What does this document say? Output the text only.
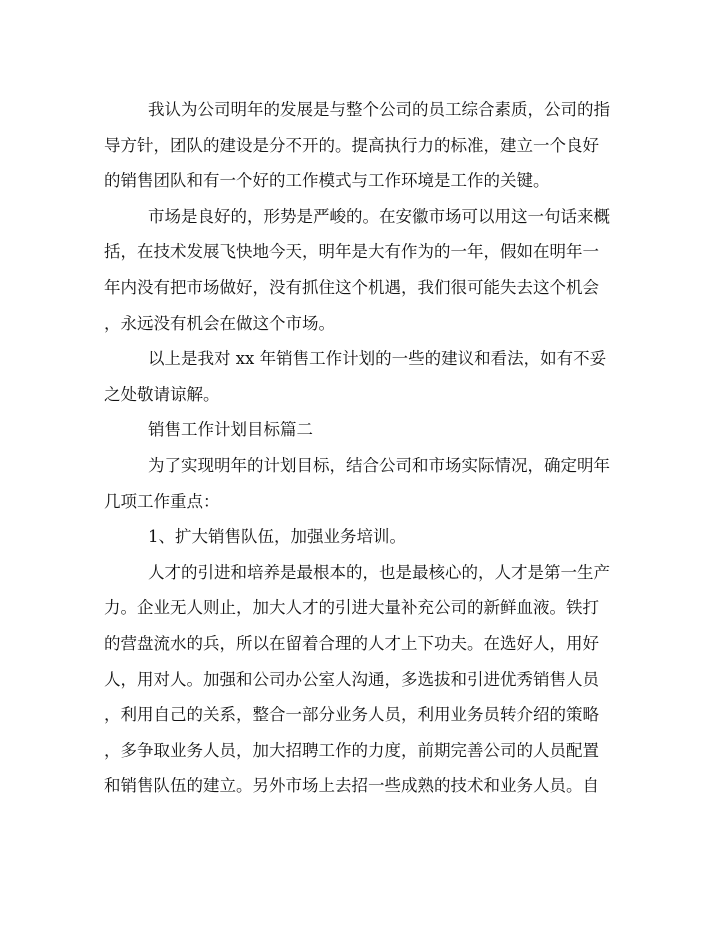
我认为公司明年的发展是与整个公司的员工综合素质，公司的指
导方针，团队的建设是分不开的。提高执行力的标准，建立一个良好
的销售团队和有一个好的工作模式与工作环境是工作的关键。
市场是良好的，形势是严峻的。在安徽市场可以用这一句话来概
括，在技术发展飞快地今天，明年是大有作为的一年，假如在明年一
年内没有把市场做好，没有抓住这个机遇，我们很可能失去这个机会
，永远没有机会在做这个市场。
以上是我对 xx 年销售工作计划的一些的建议和看法，如有不妥
之处敬请谅解。
销售工作计划目标篇二
为了实现明年的计划目标，结合公司和市场实际情况，确定明年
几项工作重点：
1、扩大销售队伍，加强业务培训。
人才的引进和培养是最根本的，也是最核心的，人才是第一生产
力。企业无人则止，加大人才的引进大量补充公司的新鲜血液。铁打
的营盘流水的兵，所以在留着合理的人才上下功夫。在选好人，用好
人，用对人。加强和公司办公室人沟通，多选拔和引进优秀销售人员
，利用自己的关系，整合一部分业务人员，利用业务员转介绍的策略
，多争取业务人员，加大招聘工作的力度，前期完善公司的人员配置
和销售队伍的建立。另外市场上去招一些成熟的技术和业务人员。自
